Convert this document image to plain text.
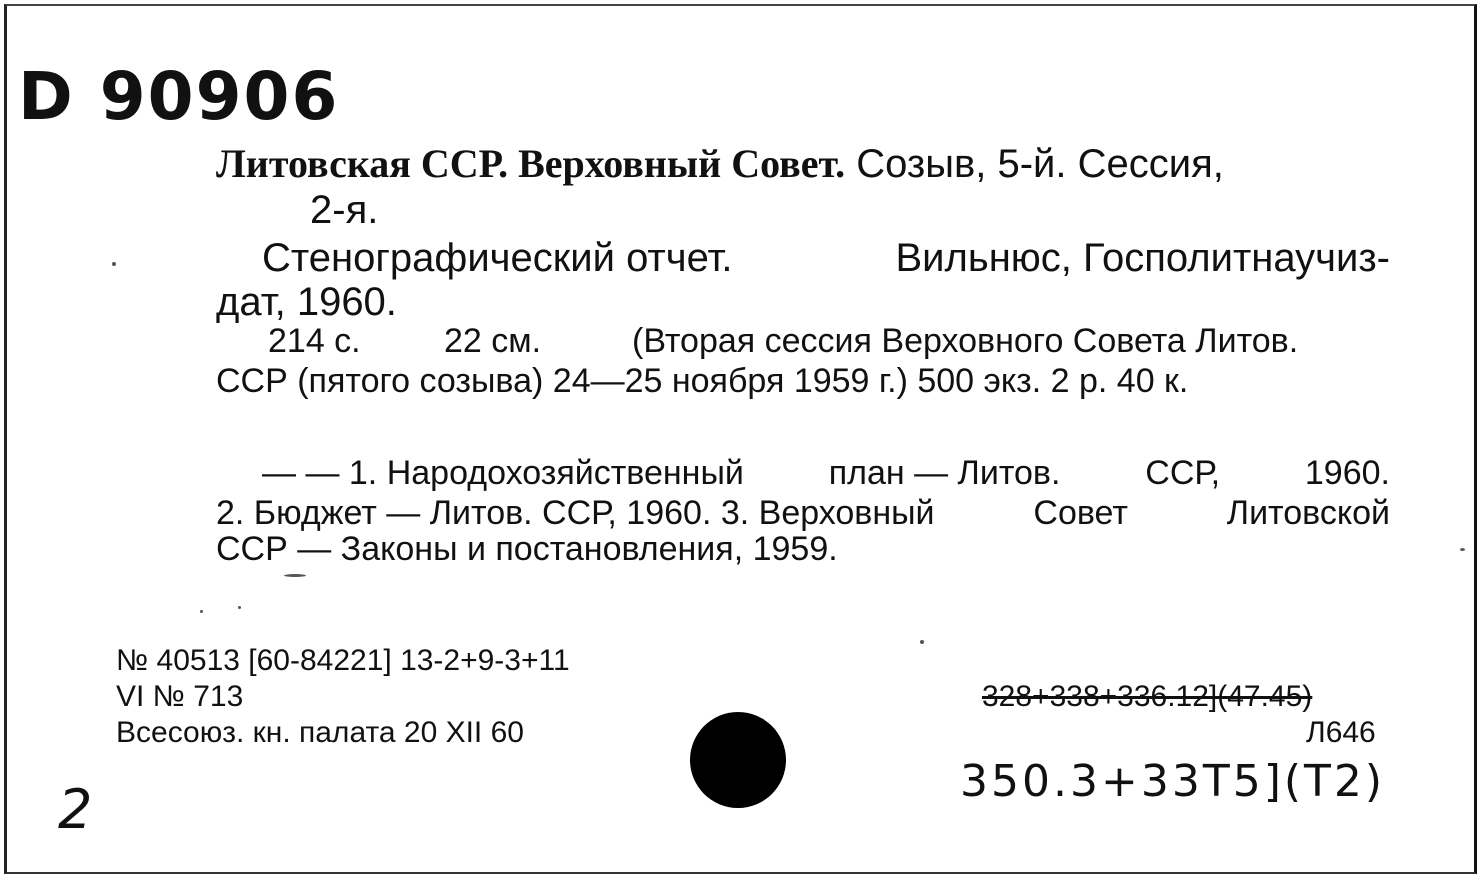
D 90906
Литовская ССР. Верховный Совет. Созыв, 5-й. Сессия,
2-я.
Стенографический отчет.	Вильнюс, Госполитнаучиз-
дат, 1960.
214 с. 22 см.	(Вторая сессия Верховного Совета Литов.
ССР (пятого созыва) 24—25 ноября 1959 г.) 500 экз. 2 р. 40 к.
— — 1. Народохозяйственный план — Литов. ССР, 1960.
2. Бюджет — Литов. ССР, 1960. 3. Верховный	Совет	Литовской
ССР — Законы и постановления, 1959.
№ 40513 [60-84221] 13-2+9-3+11
VI № 713
Всесоюз. кн. палата 20 XII 60
328+338+336.12](47.45)
Л646
350.3+33Т5](Т2)
2
